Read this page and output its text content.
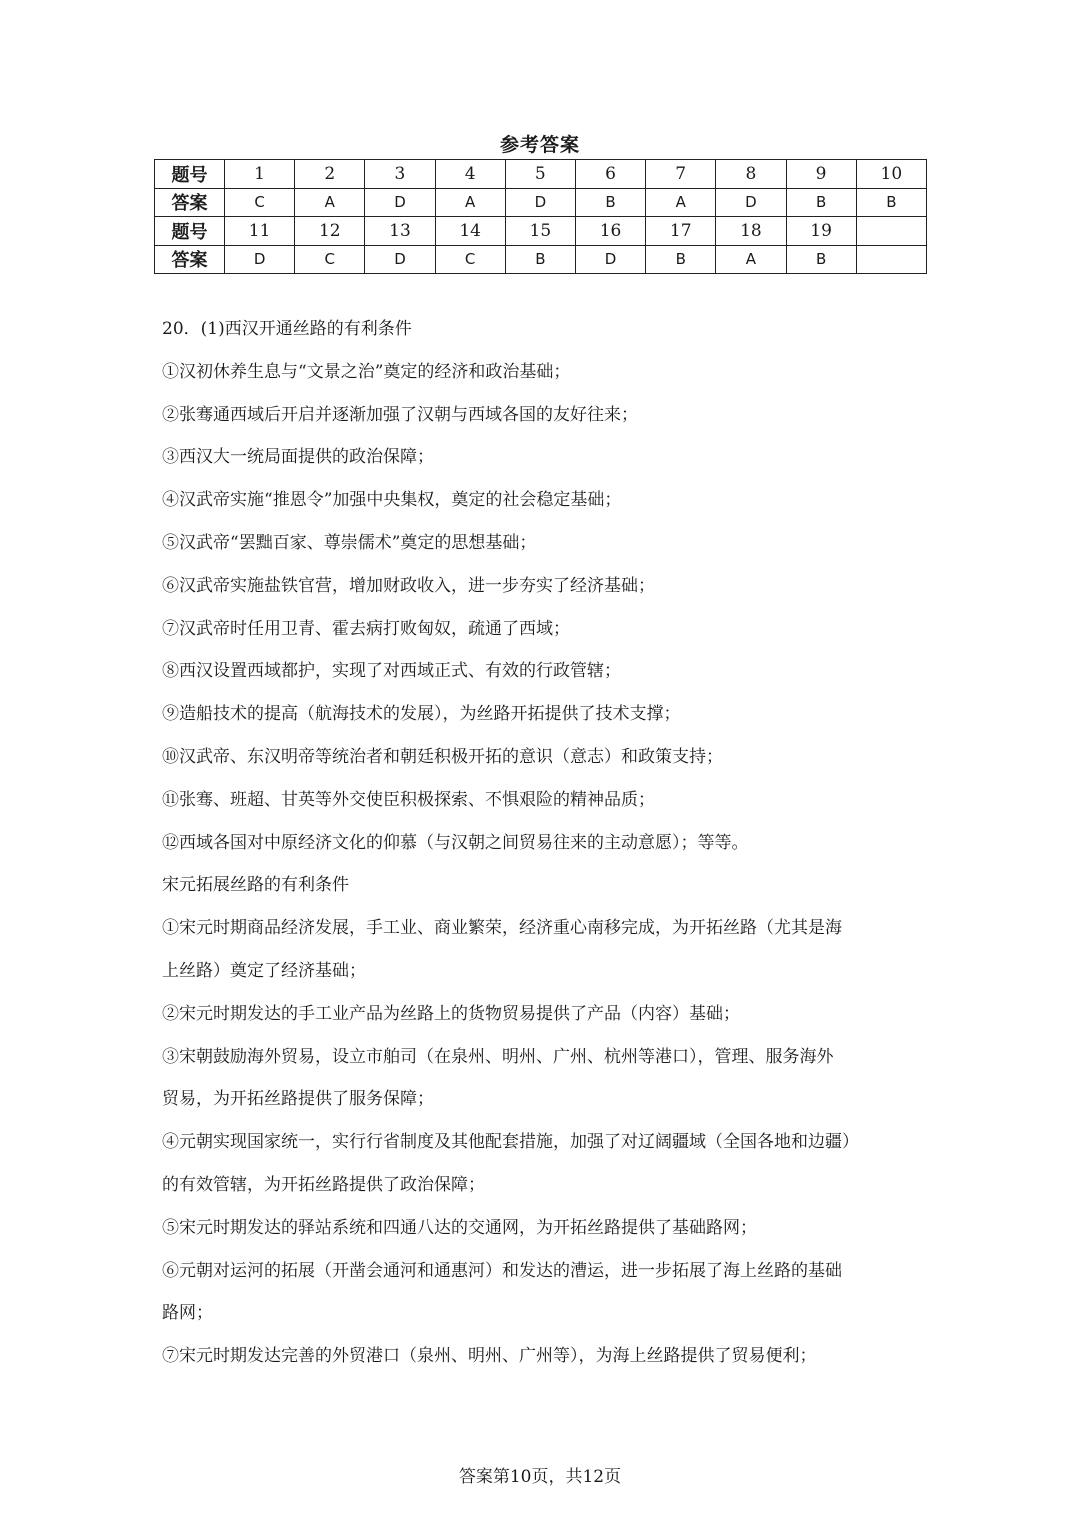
参考答案
题号	1	2	3	4	5	6	7	8	9	10
答案	C	A	D	A	D	B	A	D	B	B
题号	11	12	13	14	15	16	17	18	19	
答案	D	C	D	C	B	D	B	A	B	
20．(1)西汉开通丝路的有利条件
①汉初休养生息与“文景之治”奠定的经济和政治基础；
②张骞通西域后开启并逐渐加强了汉朝与西域各国的友好往来；
③西汉大一统局面提供的政治保障；
④汉武帝实施“推恩令”加强中央集权，奠定的社会稳定基础；
⑤汉武帝“罢黜百家、尊崇儒术”奠定的思想基础；
⑥汉武帝实施盐铁官营，增加财政收入，进一步夯实了经济基础；
⑦汉武帝时任用卫青、霍去病打败匈奴，疏通了西域；
⑧西汉设置西域都护，实现了对西域正式、有效的行政管辖；
⑨造船技术的提高（航海技术的发展），为丝路开拓提供了技术支撑；
⑩汉武帝、东汉明帝等统治者和朝廷积极开拓的意识（意志）和政策支持；
⑪张骞、班超、甘英等外交使臣积极探索、不惧艰险的精神品质；
⑫西域各国对中原经济文化的仰慕（与汉朝之间贸易往来的主动意愿）；等等。
宋元拓展丝路的有利条件
①宋元时期商品经济发展，手工业、商业繁荣，经济重心南移完成，为开拓丝路（尤其是海
上丝路）奠定了经济基础；
②宋元时期发达的手工业产品为丝路上的货物贸易提供了产品（内容）基础；
③宋朝鼓励海外贸易，设立市舶司（在泉州、明州、广州、杭州等港口），管理、服务海外
贸易，为开拓丝路提供了服务保障；
④元朝实现国家统一，实行行省制度及其他配套措施，加强了对辽阔疆域（全国各地和边疆）
的有效管辖，为开拓丝路提供了政治保障；
⑤宋元时期发达的驿站系统和四通八达的交通网，为开拓丝路提供了基础路网；
⑥元朝对运河的拓展（开凿会通河和通惠河）和发达的漕运，进一步拓展了海上丝路的基础
路网；
⑦宋元时期发达完善的外贸港口（泉州、明州、广州等），为海上丝路提供了贸易便利；
答案第10页，共12页
